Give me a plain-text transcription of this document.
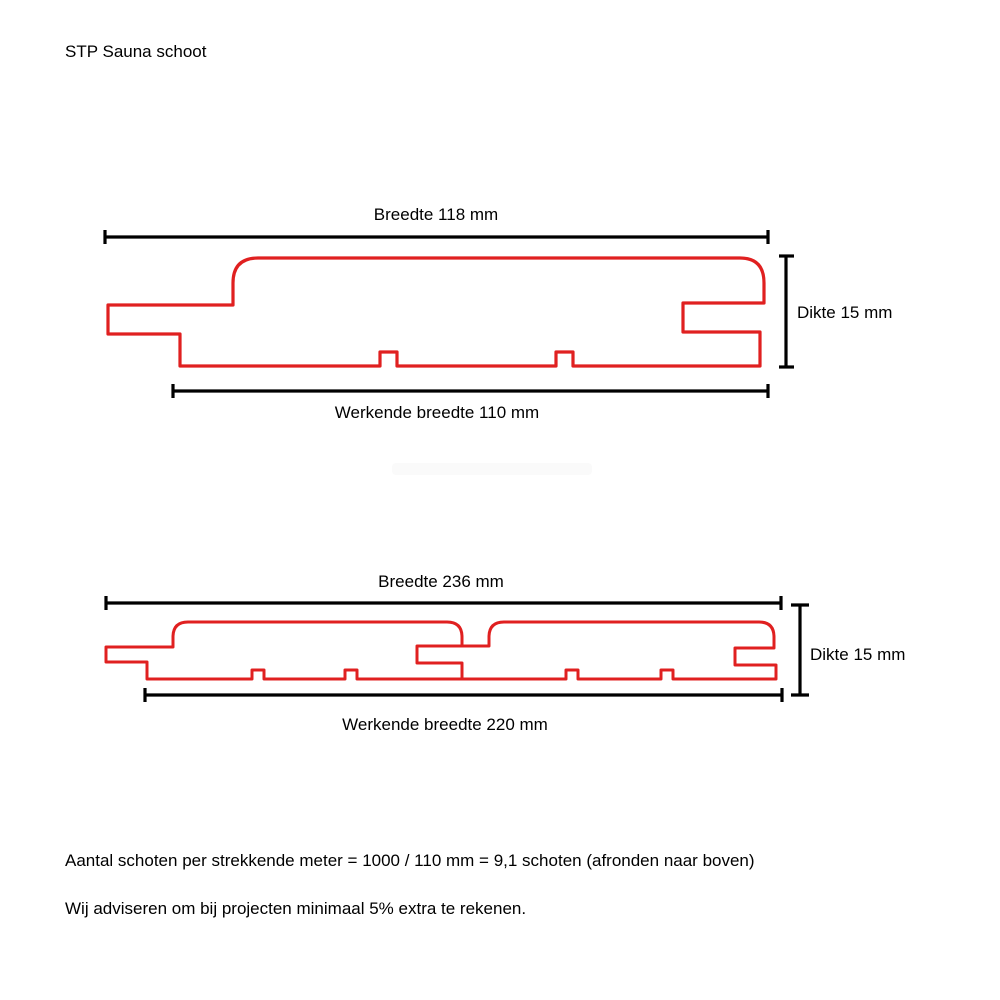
STP Sauna schoot
Breedte 118 mm
Dikte 15 mm
Werkende breedte 110 mm
Breedte 236 mm
Dikte 15 mm
Werkende breedte 220 mm
Aantal schoten per strekkende meter = 1000 / 110 mm = 9,1 schoten (afronden naar boven)
Wij adviseren om bij projecten minimaal 5% extra te rekenen.
